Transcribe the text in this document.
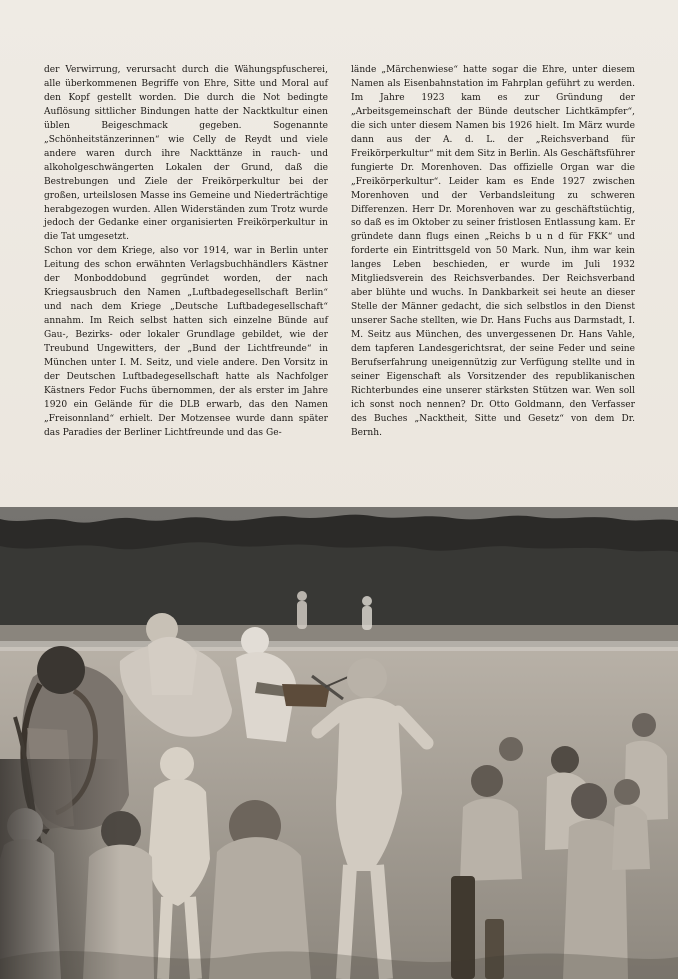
der Verwirrung, verursacht durch die Wähungspfuscherei, alle überkommenen Begriffe von Ehre, Sitte und Moral auf den Kopf gestellt worden. Die durch die Not bedingte Auflösung sittlicher Bindungen hatte der Nacktkultur einen üblen Beigeschmack gegeben. Sogenannte „Schönheitstänzerinnen“ wie Celly de Reydt und viele andere waren durch ihre Nackttänze in rauch- und alkoholgeschwängerten Lokalen der Grund, daß die Bestrebungen und Ziele der Freikörperkultur bei der großen, urteilslosen Masse ins Gemeine und Niederträchtige herabgezogen wurden. Allen Widerständen zum Trotz wurde jedoch der Gedanke einer organisierten Freikörperkultur in die Tat umgesetzt.

Schon vor dem Kriege, also vor 1914, war in Berlin unter Leitung des schon erwähnten Verlagsbuchhändlers Kästner der Monboddobund gegründet worden, der nach Kriegsausbruch den Namen „Luftbadegesellschaft Berlin“ und nach dem Kriege „Deutsche Luftbadegesellschaft“ annahm. Im Reich selbst hatten sich einzelne Bünde auf Gau-, Bezirks- oder lokaler Grundlage gebildet, wie der Treubund Ungewitters, der „Bund der Lichtfreunde“ in München unter I. M. Seitz, und viele andere. Den Vorsitz in der Deutschen Luftbadegesellschaft hatte als Nachfolger Kästners Fedor Fuchs übernommen, der als erster im Jahre 1920 ein Gelände für die DLB erwarb, das den Namen „Freisonnland“ erhielt. Der Motzensee wurde dann später das Paradies der Berliner Lichtfreunde und das Ge-

lände „Märchenwiese“ hatte sogar die Ehre, unter diesem Namen als Eisenbahnstation im Fahrplan geführt zu werden. Im Jahre 1923 kam es zur Gründung der „Arbeitsgemeinschaft der Bünde deutscher Lichtkämpfer“, die sich unter diesem Namen bis 1926 hielt. Im März wurde dann aus der A. d. L. der „Reichsverband für Freikörperkultur“ mit dem Sitz in Berlin. Als Geschäftsführer fungierte Dr. Morenhoven. Das offizielle Organ war die „Freikörperkultur“. Leider kam es Ende 1927 zwischen Morenhoven und der Verbandsleitung zu schweren Differenzen. Herr Dr. Morenhoven war zu geschäftstüchtig, so daß es im Oktober zu seiner fristlosen Entlassung kam. Er gründete dann flugs einen „Reichs b u n d für FKK“ und forderte ein Eintrittsgeld von 50 Mark. Nun, ihm war kein langes Leben beschieden, er wurde im Juli 1932 Mitgliedsverein des Reichsverbandes. Der Reichsverband aber blühte und wuchs. In Dankbarkeit sei heute an dieser Stelle der Männer gedacht, die sich selbstlos in den Dienst unserer Sache stellten, wie Dr. Hans Fuchs aus Darmstadt, I. M. Seitz aus München, des unvergessenen Dr. Hans Vahle, dem tapferen Landesgerichtsrat, der seine Feder und seine Berufserfahrung uneigennützig zur Verfügung stellte und in seiner Eigenschaft als Vorsitzender des republikanischen Richterbundes eine unserer stärksten Stützen war. Wen soll ich sonst noch nennen? Dr. Otto Goldmann, den Verfasser des Buches „Nacktheit, Sitte und Gesetz“ von dem Dr. Bernh.
